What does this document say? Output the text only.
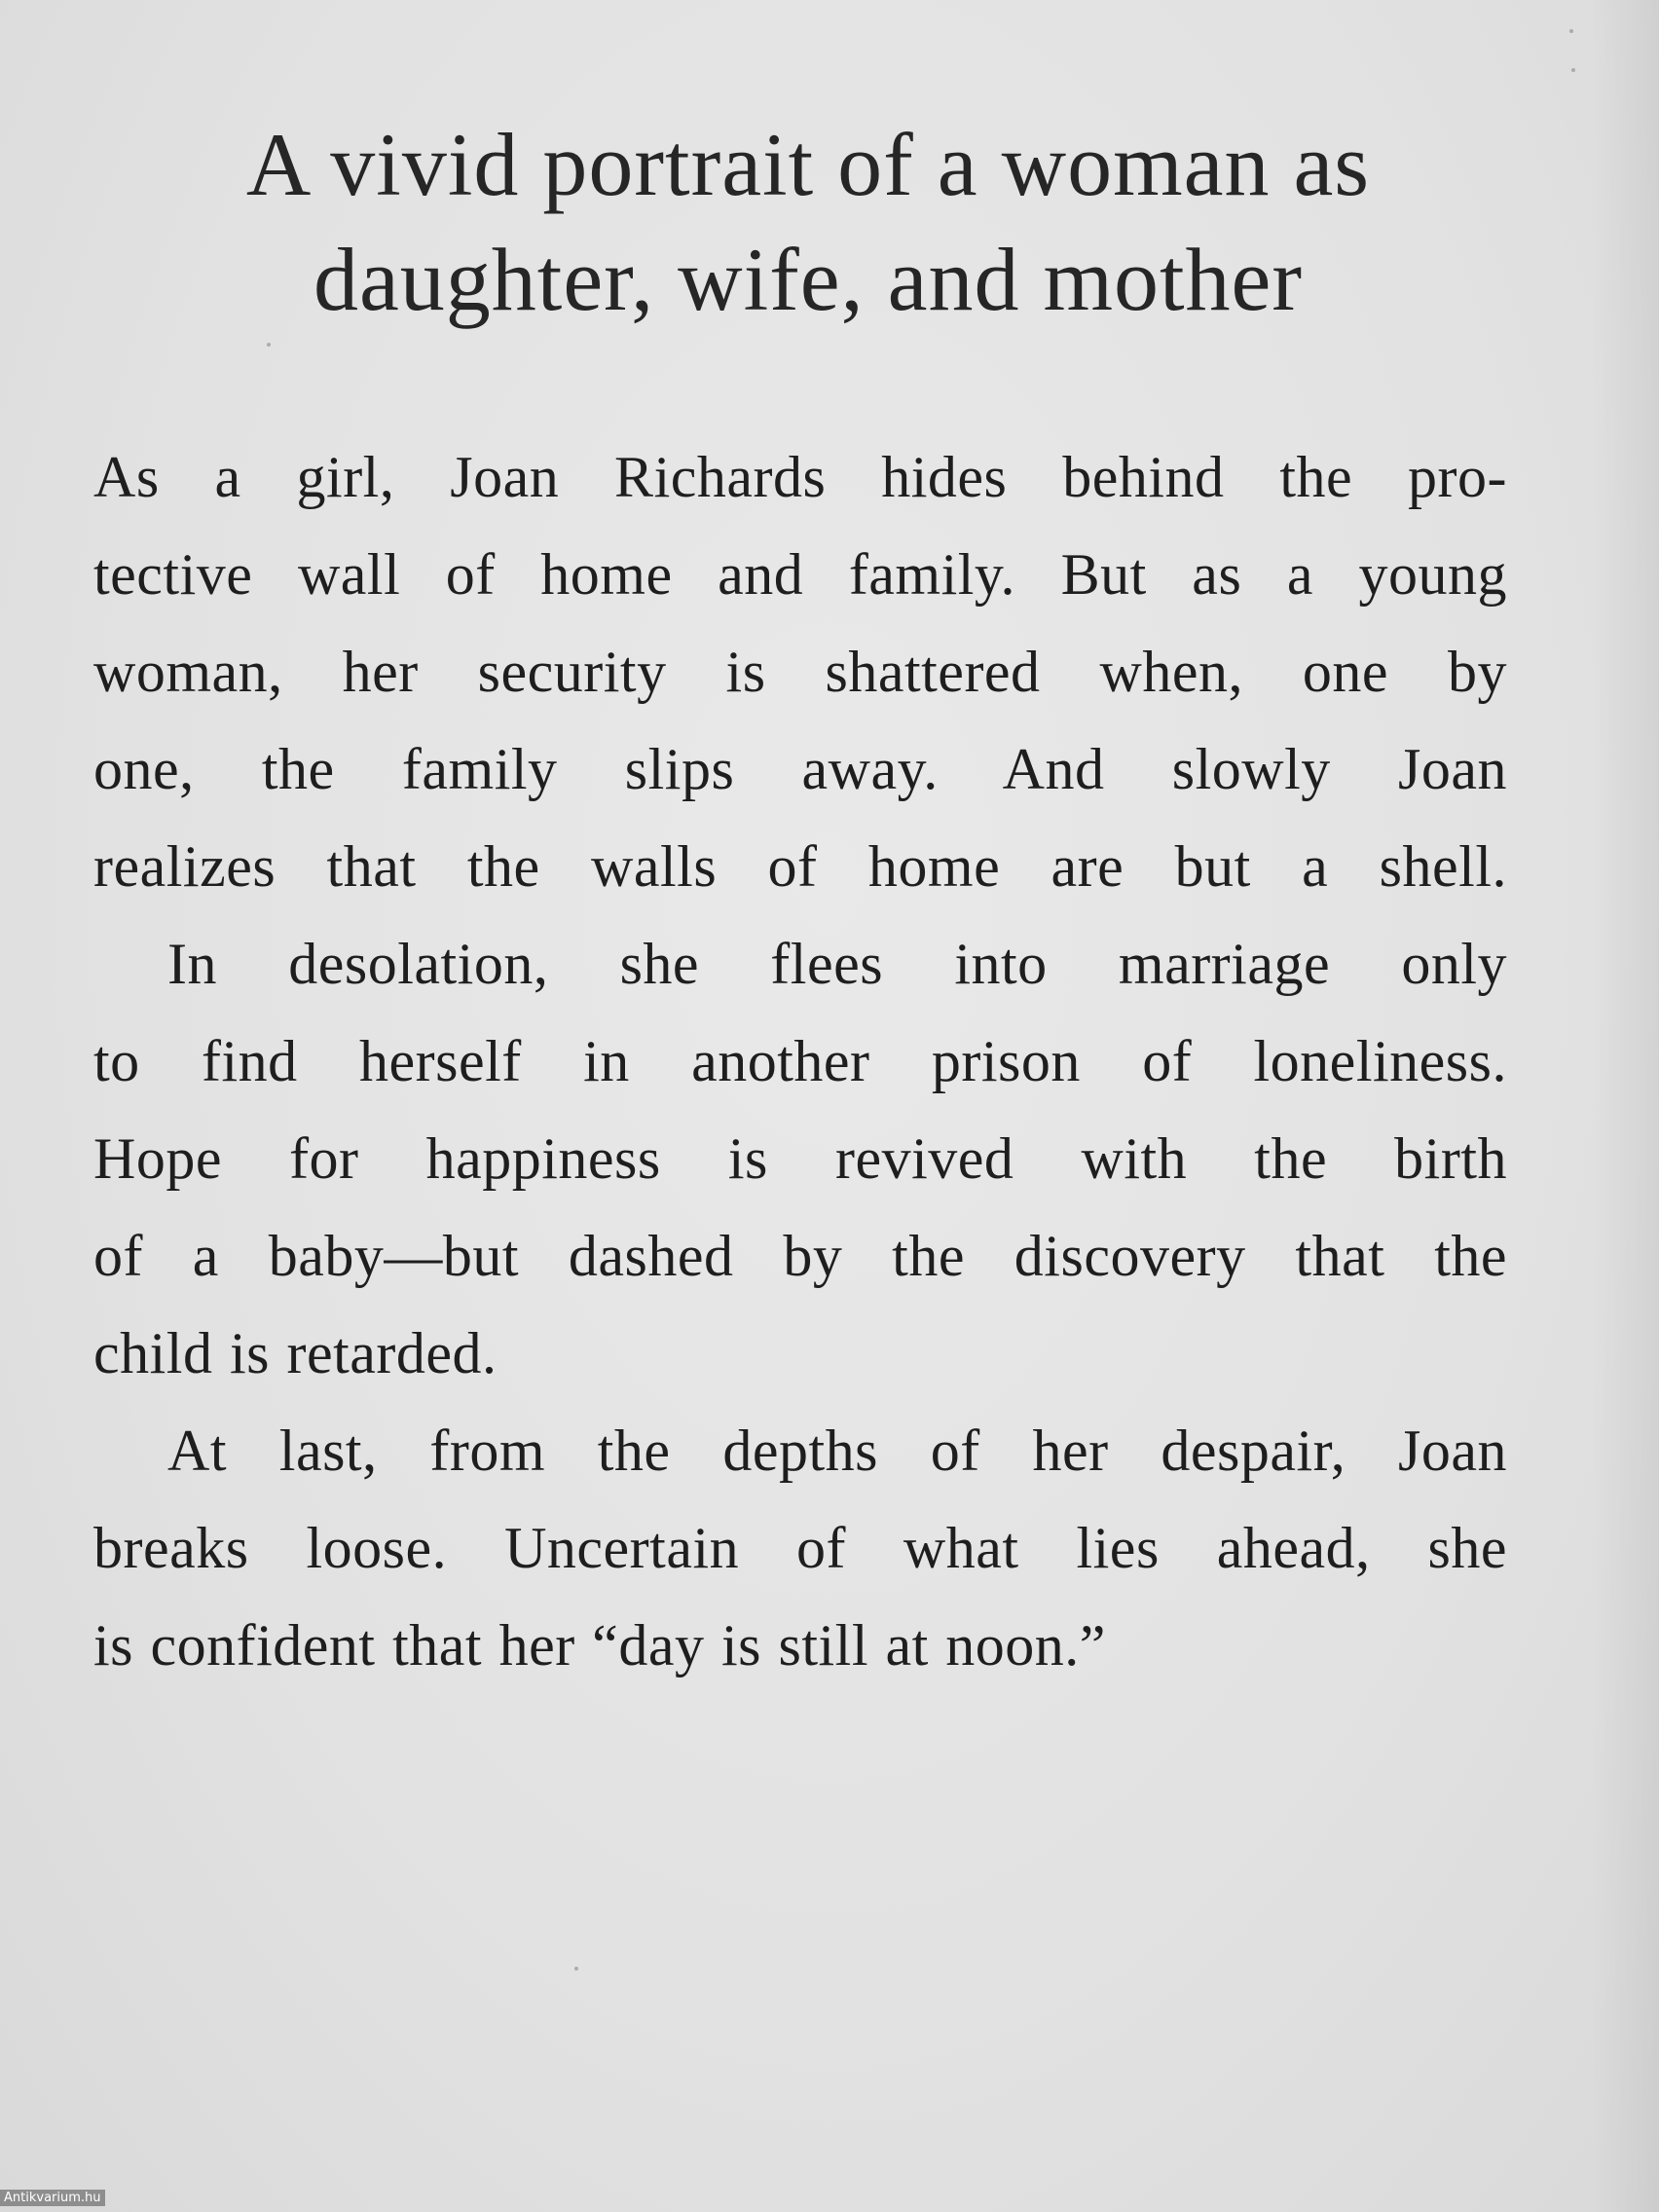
A vivid portrait of a woman as
daughter, wife, and mother
As a girl, Joan Richards hides behind the pro-
tective wall of home and family. But as a young
woman, her security is shattered when, one by
one, the family slips away. And slowly Joan
realizes that the walls of home are but a shell.
In desolation, she flees into marriage only
to find herself in another prison of loneliness.
Hope for happiness is revived with the birth
of a baby—but dashed by the discovery that the
child is retarded.
At last, from the depths of her despair, Joan
breaks loose. Uncertain of what lies ahead, she
is confident that her “day is still at noon.”
Antikvarium.hu
